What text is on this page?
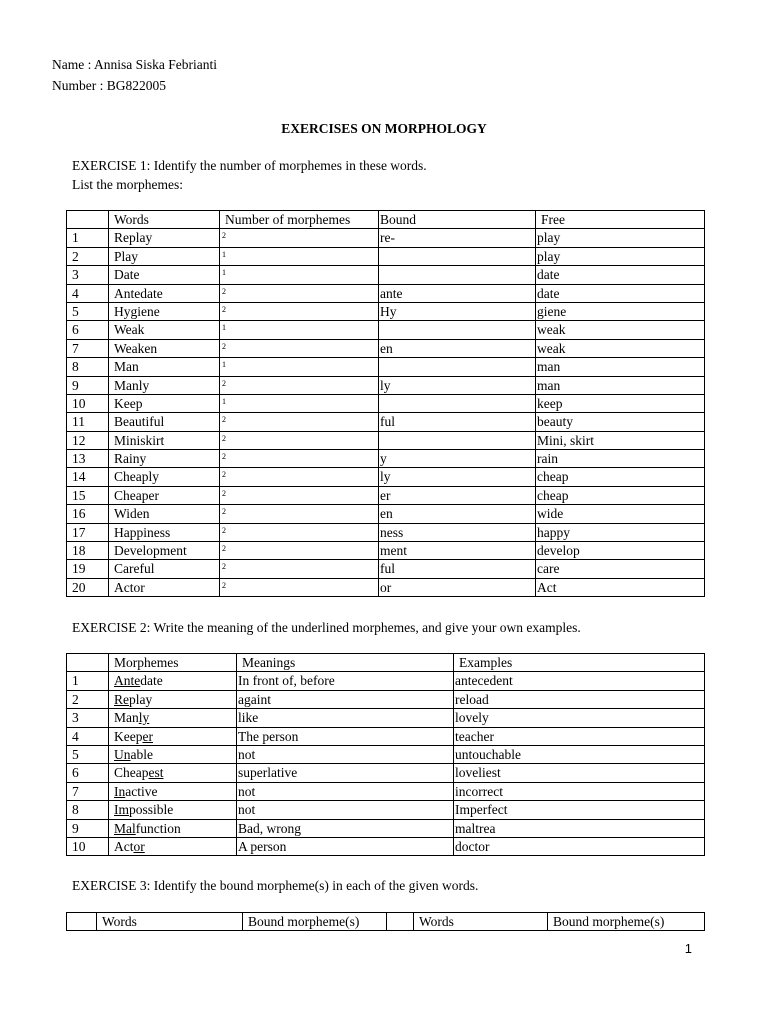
Name : Annisa Siska Febrianti
Number : BG822005
EXERCISES ON MORPHOLOGY
EXERCISE 1: Identify the number of morphemes in these words.
List the morphemes:
	Words	Number of morphemes	Bound	Free
1	Replay	2	re-	play
2	Play	1		play
3	Date	1		date
4	Antedate	2	ante	date
5	Hygiene	2	Hy	giene
6	Weak	1		weak
7	Weaken	2	en	weak
8	Man	1		man
9	Manly	2	ly	man
10	Keep	1		keep
11	Beautiful	2	ful	beauty
12	Miniskirt	2		Mini, skirt
13	Rainy	2	y	rain
14	Cheaply	2	ly	cheap
15	Cheaper	2	er	cheap
16	Widen	2	en	wide
17	Happiness	2	ness	happy
18	Development	2	ment	develop
19	Careful	2	ful	care
20	Actor	2	or	Act
EXERCISE 2: Write the meaning of the underlined morphemes, and give your own examples.
	Morphemes	Meanings	Examples
1	Antedate	In front of, before	antecedent
2	Replay	againt	reload
3	Manly	like	lovely
4	Keeper	The person	teacher
5	Unable	not	untouchable
6	Cheapest	superlative	loveliest
7	Inactive	not	incorrect
8	Impossible	not	Imperfect
9	Malfunction	Bad, wrong	maltrea
10	Actor	A person	doctor
EXERCISE 3: Identify the bound morpheme(s) in each of the given words.
	Words	Bound morpheme(s)		Words	Bound morpheme(s)
1
